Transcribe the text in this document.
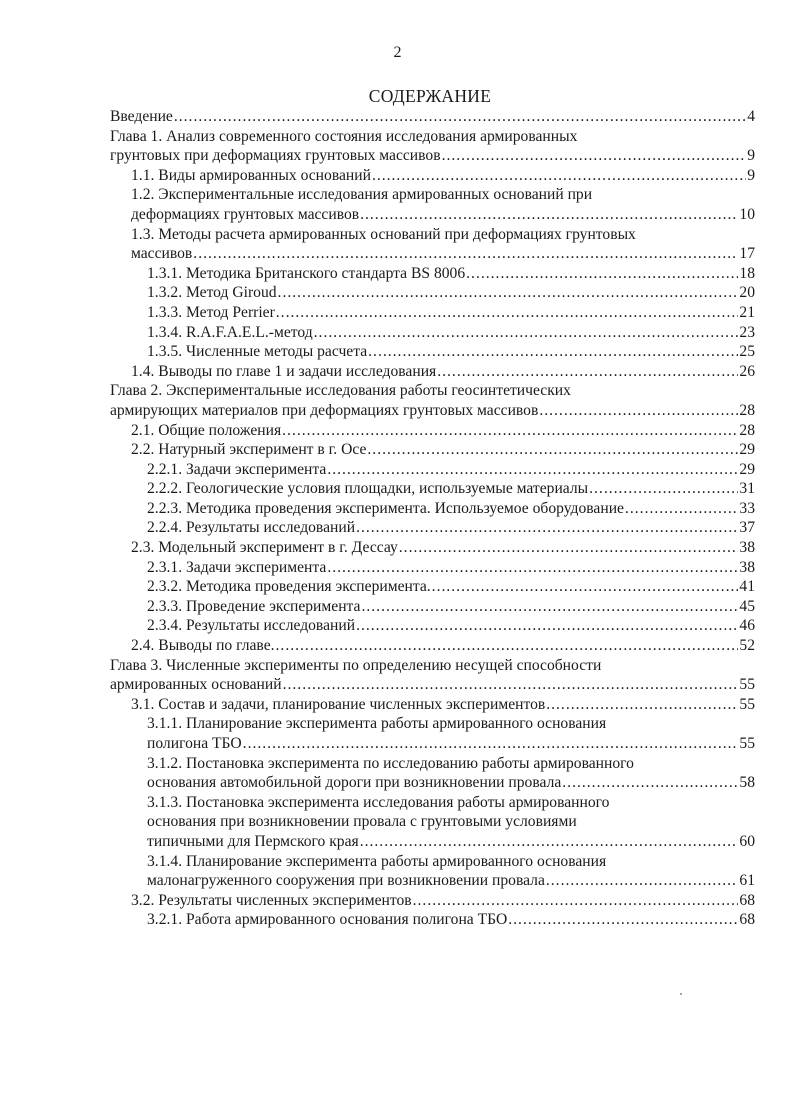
2
СОДЕРЖАНИЕ
Введение .....	4
Глава 1. Анализ современного состояния исследования армированных
грунтовых при деформациях грунтовых массивов .....	9
1.1. Виды армированных оснований .....	9
1.2. Экспериментальные исследования армированных оснований при
деформациях грунтовых массивов .....	10
1.3. Методы расчета армированных оснований при деформациях грунтовых
массивов .....	17
1.3.1. Методика Британского стандарта BS 8006 .....	18
1.3.2. Метод Giroud .....	20
1.3.3. Метод Perrier .....	21
1.3.4. R.A.F.A.E.L.-метод .....	23
1.3.5. Численные методы расчета .....	25
1.4. Выводы по главе 1 и задачи исследования .....	26
Глава 2. Экспериментальные исследования работы геосинтетических
армирующих материалов при деформациях грунтовых массивов .....	28
2.1. Общие положения .....	28
2.2. Натурный эксперимент в г. Осе .....	29
2.2.1. Задачи эксперимента .....	29
2.2.2. Геологические условия площадки, используемые материалы .....	31
2.2.3. Методика проведения эксперимента. Используемое оборудование .....	33
2.2.4. Результаты исследований .....	37
2.3. Модельный эксперимент в г. Дессау .....	38
2.3.1. Задачи эксперимента .....	38
2.3.2. Методика проведения эксперимента. .....	41
2.3.3. Проведение эксперимента .....	45
2.3.4. Результаты исследований .....	46
2.4. Выводы по главе. .....	52
Глава 3. Численные эксперименты по определению несущей способности
армированных оснований .....	55
3.1. Состав и задачи, планирование численных экспериментов .....	55
3.1.1. Планирование эксперимента работы армированного основания
полигона ТБО .....	55
3.1.2. Постановка эксперимента по исследованию работы армированного
основания автомобильной дороги при возникновении провала .....	58
3.1.3. Постановка эксперимента исследования работы армированного
основания при возникновении провала с грунтовыми условиями
типичными для Пермского края .....	60
3.1.4. Планирование эксперимента работы армированного основания
малонагруженного сооружения при возникновении провала .....	61
3.2. Результаты численных экспериментов .....	68
3.2.1. Работа армированного основания полигона ТБО .....	68
